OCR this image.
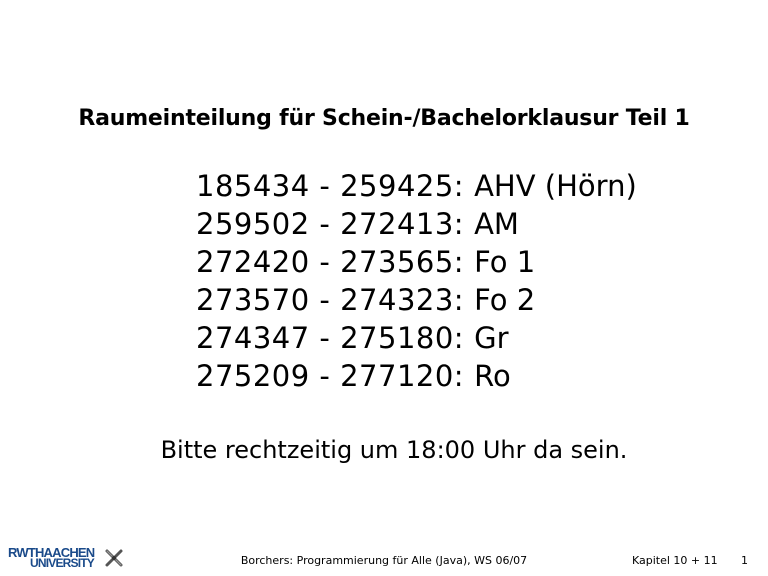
Raumeinteilung für Schein-/Bachelorklausur Teil 1
185434 - 259425: AHV (Hörn)
259502 - 272413: AM
272420 - 273565: Fo 1
273570 - 274323: Fo 2
274347 - 275180: Gr
275209 - 277120: Ro
Bitte rechtzeitig um 18:00 Uhr da sein.
RWTHAACHEN
UNIVERSITY	Borchers: Programmierung für Alle (Java), WS 06/07	Kapitel 10 + 11 1
